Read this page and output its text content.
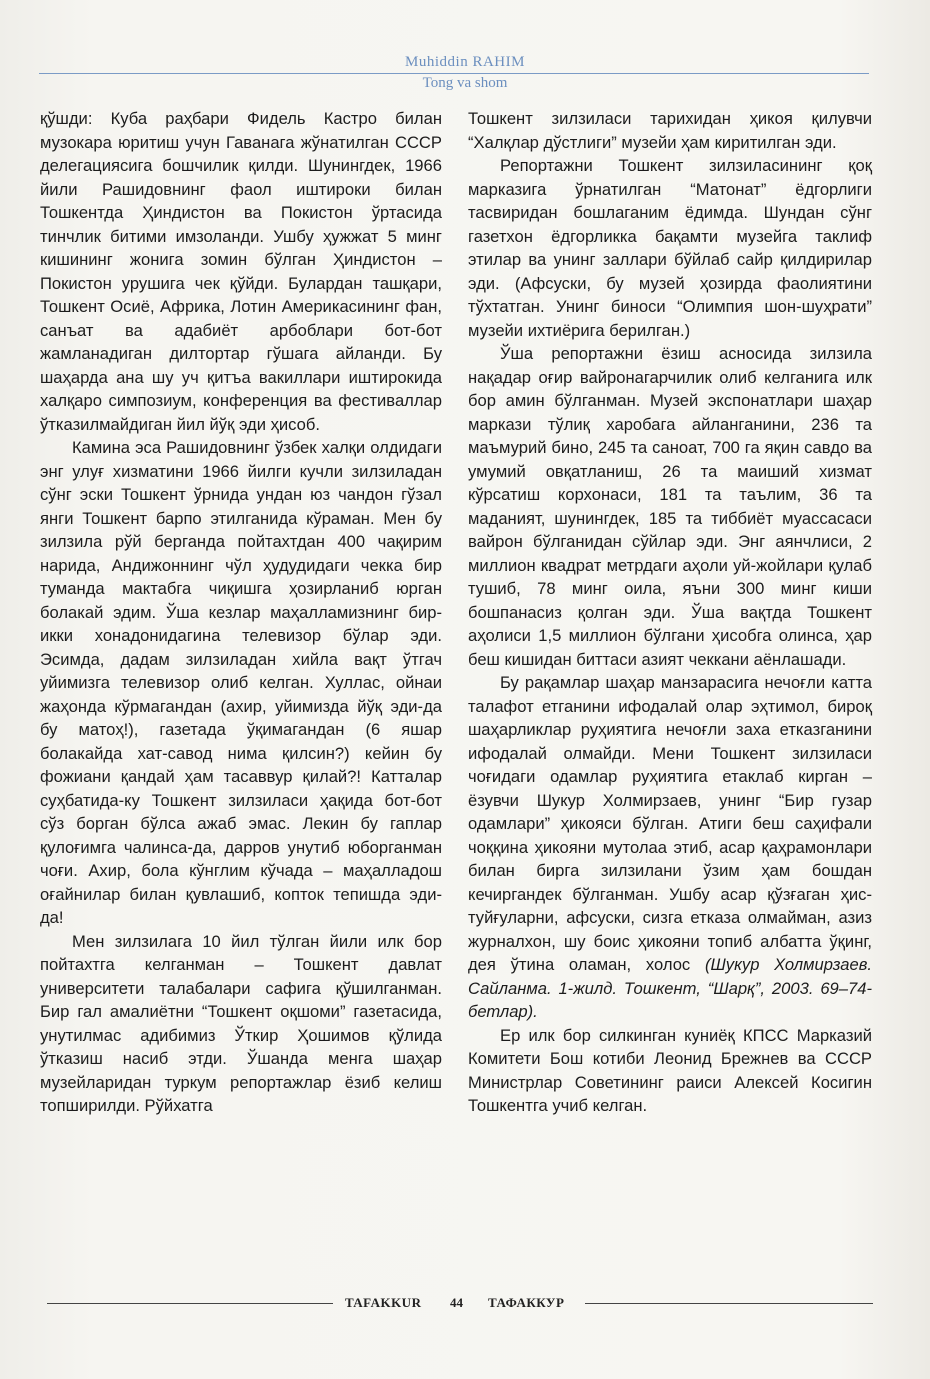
Muhiddin RAHIM
Tong va shom

қўшди: Куба раҳбари Фидель Кастро билан музокара юритиш учун Гаванага жўнатилган СССР делегациясига бошчилик қилди. Шунингдек, 1966 йили Рашидовнинг фаол иштироки билан Тошкентда Ҳиндистон ва Покистон ўртасида тинчлик битими имзоланди. Ушбу ҳужжат 5 минг кишининг жонига зомин бўлган Ҳиндистон – Покистон урушига чек қўйди. Булардан ташқари, Тошкент Осиё, Африка, Лотин Америкасининг фан, санъат ва адабиёт арбоблари бот-бот жамланадиган дилтортар гўшага айланди. Бу шаҳарда ана шу уч қитъа вакиллари иштирокида халқаро симпозиум, конференция ва фестиваллар ўтказилмайдиган йил йўқ эди ҳисоб.

Камина эса Рашидовнинг ўзбек халқи олдидаги энг улуғ хизматини 1966 йилги кучли зилзиладан сўнг эски Тошкент ўрнида ундан юз чандон гўзал янги Тошкент барпо этилганида кўраман. Мен бу зилзила рўй берганда пойтахтдан 400 чақирим нарида, Андижоннинг чўл ҳудудидаги чекка бир туманда мактабга чиқишга ҳозирланиб юрган болакай эдим. Ўша кезлар маҳалламизнинг бир-икки хонадонидагина телевизор бўлар эди. Эсимда, дадам зилзиладан хийла вақт ўтгач уйимизга телевизор олиб келган. Хуллас, ойнаи жаҳонда кўрмагандан (ахир, уйимизда йўқ эди-да бу матоҳ!), газетада ўқимагандан (6 яшар болакайда хат-савод нима қилсин?) кейин бу фожиани қандай ҳам тасаввур қилай?! Катталар суҳбатида-ку Тошкент зилзиласи ҳақида бот-бот сўз борган бўлса ажаб эмас. Лекин бу гаплар қулоғимга чалинса-да, дарров унутиб юборганман чоғи. Ахир, бола кўнглим кўчада – маҳалладош оғайнилар билан қувлашиб, копток тепишда эди-да!

Мен зилзилага 10 йил тўлган йили илк бор пойтахтга келганман – Тошкент давлат университети талабалари сафига қўшилганман. Бир гал амалиётни “Тошкент оқшоми” газетасида, унутилмас адибимиз Ўткир Ҳошимов қўлида ўтказиш насиб этди. Ўшанда менга шаҳар музейларидан туркум репортажлар ёзиб келиш топширилди. Рўйхатга

Тошкент зилзиласи тарихидан ҳикоя қилувчи “Халқлар дўстлиги” музейи ҳам киритилган эди.

Репортажни Тошкент зилзиласининг қоқ марказига ўрнатилган “Матонат” ёдгорлиги тасвиридан бошлаганим ёдимда. Шундан сўнг газетхон ёдгорликка бақамти музейга таклиф этилар ва унинг заллари бўйлаб сайр қилдирилар эди. (Афсуски, бу музей ҳозирда фаолиятини тўхтатган. Унинг биноси “Олимпия шон-шуҳрати” музейи ихтиёрига берилган.)

Ўша репортажни ёзиш асносида зилзила нақадар оғир вайронагарчилик олиб келганига илк бор амин бўлганман. Музей экспонатлари шаҳар маркази тўлиқ харобага айланганини, 236 та маъмурий бино, 245 та саноат, 700 га яқин савдо ва умумий овқатланиш, 26 та маиший хизмат кўрсатиш корхонаси, 181 та таълим, 36 та маданият, шунингдек, 185 та тиббиёт муассасаси вайрон бўлганидан сўйлар эди. Энг аянчлиси, 2 миллион квадрат метрдаги аҳоли уй-жойлари қулаб тушиб, 78 минг оила, яъни 300 минг киши бошпанасиз қолган эди. Ўша вақтда Тошкент аҳолиси 1,5 миллион бўлгани ҳисобга олинса, ҳар беш кишидан биттаси азият чеккани аёнлашади.

Бу рақамлар шаҳар манзарасига нечоғли катта талафот етганини ифодалай олар эҳтимол, бироқ шаҳарликлар руҳиятига нечоғли заха етказганини ифодалай олмайди. Мени Тошкент зилзиласи чоғидаги одамлар руҳиятига етаклаб кирган – ёзувчи Шукур Холмирзаев, унинг “Бир гузар одамлари” ҳикояси бўлган. Атиги беш саҳифали чоққина ҳикояни мутолаа этиб, асар қаҳрамонлари билан бирга зилзилани ўзим ҳам бошдан кечиргандек бўлганман. Ушбу асар қўзғаган ҳис-туйғуларни, афсуски, сизга етказа олмайман, азиз журналхон, шу боис ҳикояни топиб албатта ўқинг, дея ўтина оламан, холос (Шукур Холмирзаев. Сайланма. 1-жилд. Тошкент, “Шарқ”, 2003. 69–74-бетлар).

Ер илк бор силкинган куниёқ КПСС Марказий Комитети Бош котиби Леонид Брежнев ва СССР Министрлар Советининг раиси Алексей Косигин Тошкентга учиб келган.

TAFAKKUR 44 ТАФАККУР
